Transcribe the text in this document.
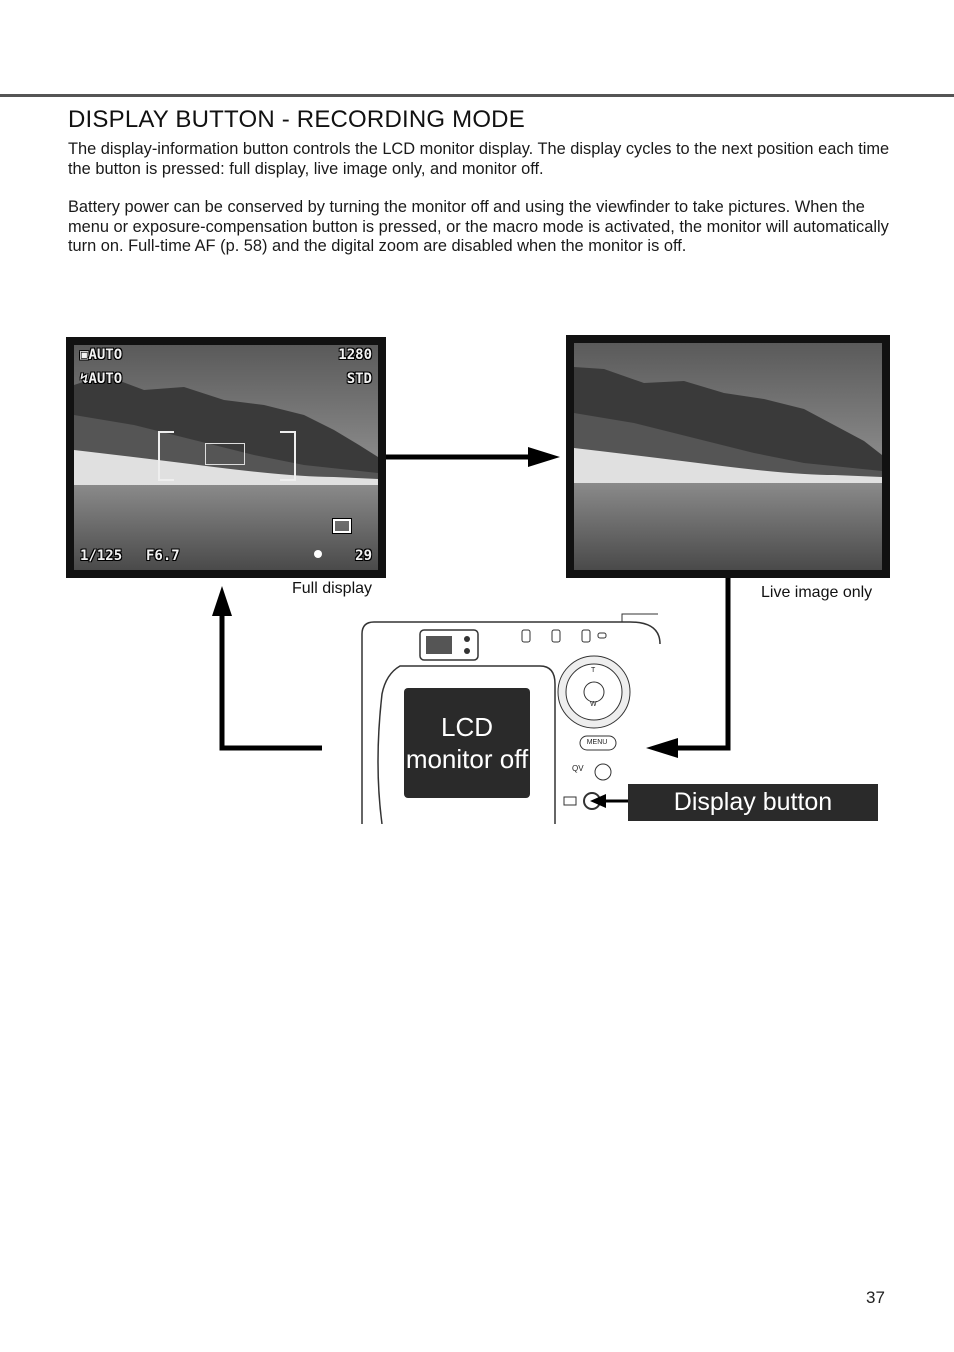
DISPLAY BUTTON - RECORDING MODE

The display-information button controls the LCD monitor display. The display cycles to the next position each time the button is pressed: full display, live image only, and monitor off.

Battery power can be conserved by turning the monitor off and using the viewfinder to take pictures. When the menu or exposure-compensation button is pressed, or the macro mode is activated, the monitor will automatically turn on. Full-time AF (p. 58) and the digital zoom are disabled when the monitor is off.

▣AUTO
↯AUTO
1280
STD
1/125 F6.7	29
Full display	Live image only
MENU
QV
T
W
LCD monitor off
Display button
37
